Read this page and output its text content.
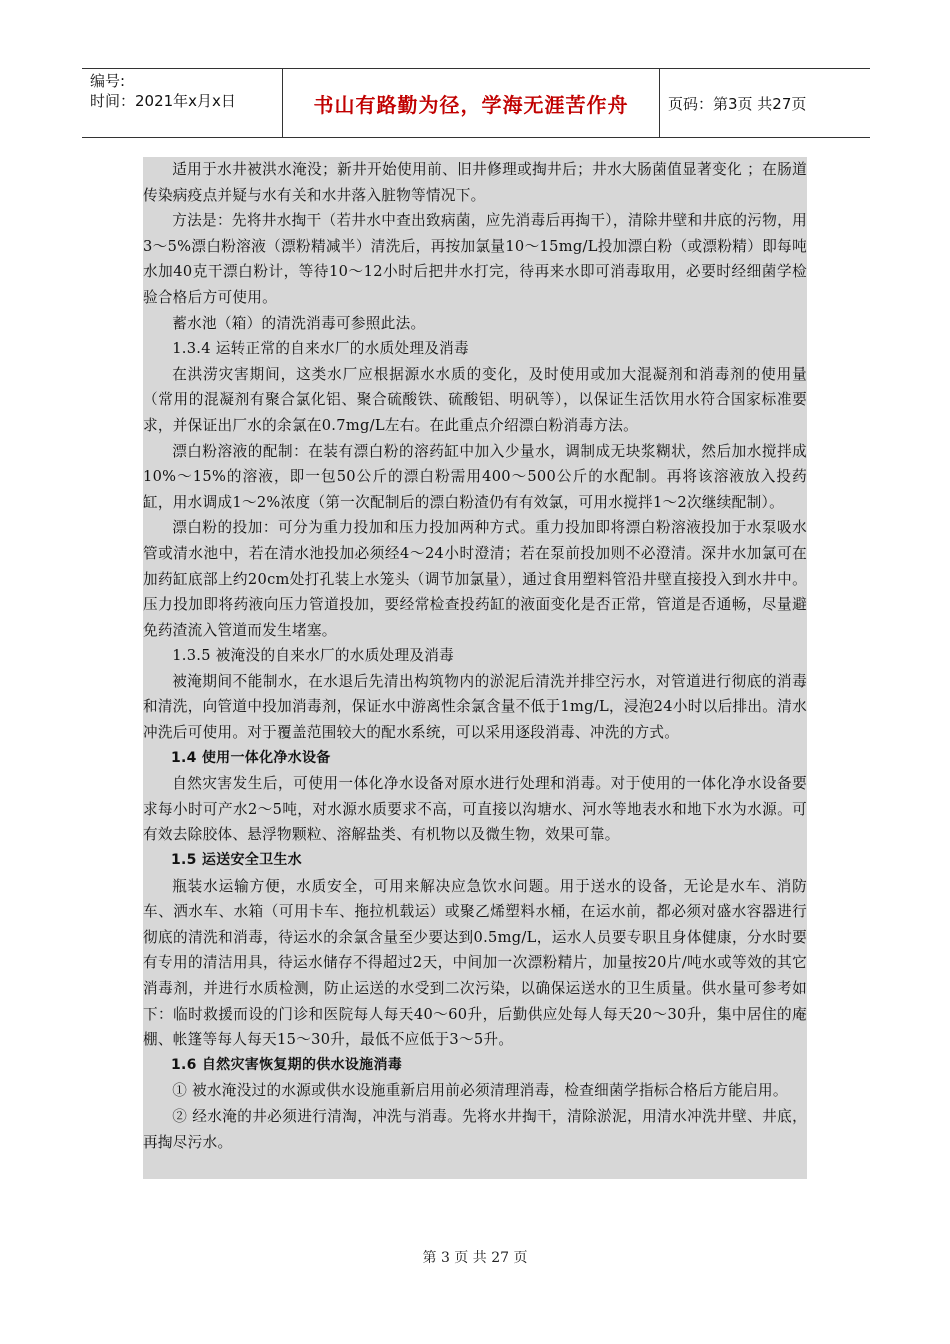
编号:
时间：2021年x月x日	书山有路勤为径，学海无涯苦作舟	页码：第3页 共27页

适用于水井被洪水淹没；新井开始使用前、旧井修理或掏井后；井水大肠菌值显著变化 ；在肠道传染病疫点并疑与水有关和水井落入脏物等情况下。

方法是：先将井水掏干（若井水中查出致病菌，应先消毒后再掏干），清除井壁和井底的污物，用3～5%漂白粉溶液（漂粉精减半）清洗后，再按加氯量10～15mg/L投加漂白粉（或漂粉精）即每吨水加40克干漂白粉计，等待10～12小时后把井水打完，待再来水即可消毒取用，必要时经细菌学检验合格后方可使用。

蓄水池（箱）的清洗消毒可参照此法。

1.3.4 运转正常的自来水厂的水质处理及消毒

在洪涝灾害期间，这类水厂应根据源水水质的变化，及时使用或加大混凝剂和消毒剂的使用量（常用的混凝剂有聚合氯化铝、聚合硫酸铁、硫酸铝、明矾等），以保证生活饮用水符合国家标准要求，并保证出厂水的余氯在0.7mg/L左右。在此重点介绍漂白粉消毒方法。

漂白粉溶液的配制：在装有漂白粉的溶药缸中加入少量水，调制成无块浆糊状，然后加水搅拌成10%～15%的溶液，即一包50公斤的漂白粉需用400～500公斤的水配制。再将该溶液放入投药缸，用水调成1～2%浓度（第一次配制后的漂白粉渣仍有有效氯，可用水搅拌1～2次继续配制）。

漂白粉的投加：可分为重力投加和压力投加两种方式。重力投加即将漂白粉溶液投加于水泵吸水管或清水池中，若在清水池投加必须经4～24小时澄清；若在泵前投加则不必澄清。深井水加氯可在加药缸底部上约20cm处打孔装上水笼头（调节加氯量），通过食用塑料管沿井壁直接投入到水井中。压力投加即将药液向压力管道投加，要经常检查投药缸的液面变化是否正常，管道是否通畅，尽量避免药渣流入管道而发生堵塞。

1.3.5 被淹没的自来水厂的水质处理及消毒

被淹期间不能制水，在水退后先清出构筑物内的淤泥后清洗并排空污水，对管道进行彻底的消毒和清洗，向管道中投加消毒剂，保证水中游离性余氯含量不低于1mg/L，浸泡24小时以后排出。清水冲洗后可使用。对于覆盖范围较大的配水系统，可以采用逐段消毒、冲洗的方式。

1.4 使用一体化净水设备

自然灾害发生后，可使用一体化净水设备对原水进行处理和消毒。对于使用的一体化净水设备要求每小时可产水2～5吨，对水源水质要求不高，可直接以沟塘水、河水等地表水和地下水为水源。可有效去除胶体、悬浮物颗粒、溶解盐类、有机物以及微生物，效果可靠。

1.5 运送安全卫生水

瓶装水运输方便，水质安全，可用来解决应急饮水问题。用于送水的设备，无论是水车、消防车、洒水车、水箱（可用卡车、拖拉机载运）或聚乙烯塑料水桶，在运水前，都必须对盛水容器进行彻底的清洗和消毒，待运水的余氯含量至少要达到0.5mg/L，运水人员要专职且身体健康，分水时要有专用的清洁用具，待运水储存不得超过2天，中间加一次漂粉精片，加量按20片/吨水或等效的其它消毒剂，并进行水质检测，防止运送的水受到二次污染，以确保运送水的卫生质量。供水量可参考如下：临时救援而设的门诊和医院每人每天40～60升，后勤供应处每人每天20～30升，集中居住的庵棚、帐篷等每人每天15～30升，最低不应低于3～5升。

1.6 自然灾害恢复期的供水设施消毒

① 被水淹没过的水源或供水设施重新启用前必须清理消毒，检查细菌学指标合格后方能启用。

② 经水淹的井必须进行清淘，冲洗与消毒。先将水井掏干，清除淤泥，用清水冲洗井壁、井底，再掏尽污水。

第 3 页 共 27 页
